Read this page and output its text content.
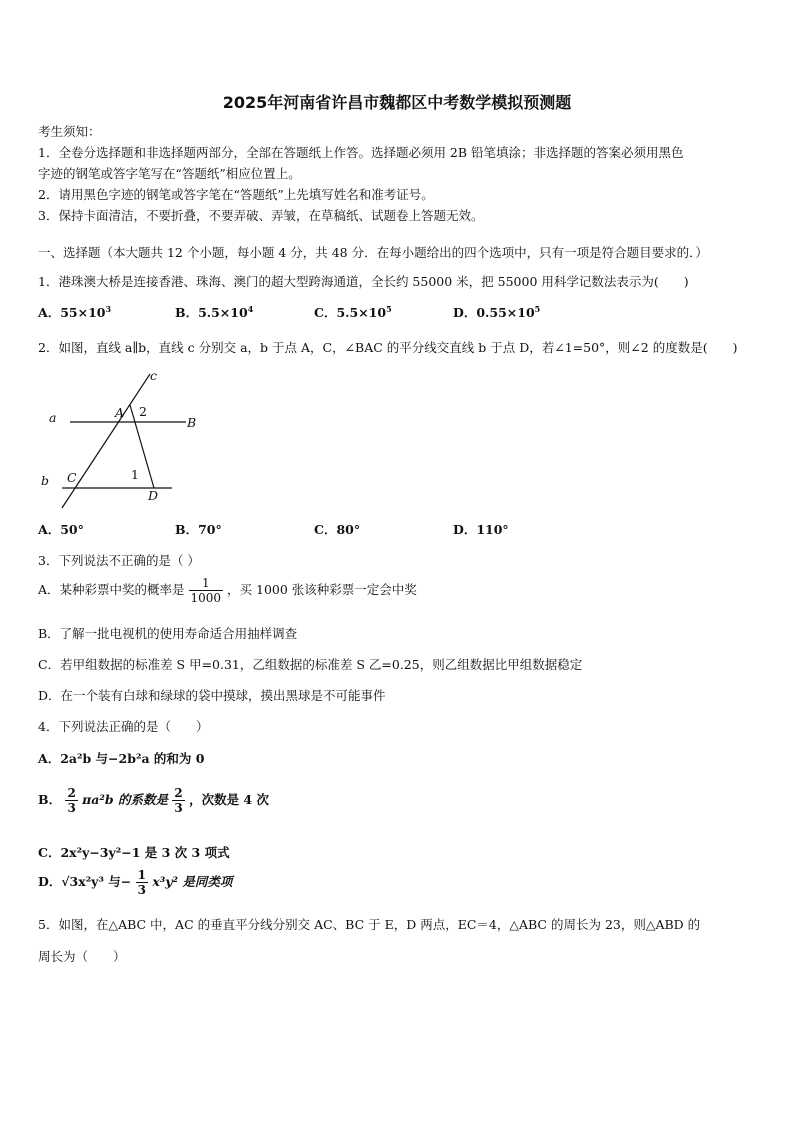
2025年河南省许昌市魏都区中考数学模拟预测题
考生须知：
1．全卷分选择题和非选择题两部分，全部在答题纸上作答。选择题必须用 2B 铅笔填涂；非选择题的答案必须用黑色
字迹的钢笔或答字笔写在“答题纸”相应位置上。
2．请用黑色字迹的钢笔或答字笔在“答题纸”上先填写姓名和准考证号。
3．保持卡面清洁，不要折叠，不要弄破、弄皱，在草稿纸、试题卷上答题无效。
一、选择题（本大题共 12 个小题，每小题 4 分，共 48 分．在每小题给出的四个选项中，只有一项是符合题目要求的．）
1．港珠澳大桥是连接香港、珠海、澳门的超大型跨海通道，全长约 55000 米，把 55000 用科学记数法表示为(　　)
A．$55\times 10^3$	B．$5.5\times 10^4$	C．$5.5\times 10^5$	D．$0.55\times 10^5$
2．如图，直线 a∥b，直线 c 分别交 a，b 于点 A，C，∠BAC 的平分线交直线 b 于点 D，若∠1=50°，则∠2 的度数是(　　)
c
a	A 2
B
b C	1
D
A．50°	B．70°	C．80°	D．110°
3．下列说法不正确的是（ ）
A．某种彩票中奖的概率是 $\frac{1}{1000}$ ，买 1000 张该种彩票一定会中奖
B．了解一批电视机的使用寿命适合用抽样调查
C．若甲组数据的标准差 S 甲=0.31，乙组数据的标准差 S 乙=0.25，则乙组数据比甲组数据稳定
D．在一个装有白球和绿球的袋中摸球，摸出黑球是不可能事件
4．下列说法正确的是（　　）
A．2a²b 与−2b²a 的和为 0
B． $\frac{2}{3} \pi a^2b$ 的系数是 $\frac{2}{3}$ ，次数是 4 次
C．2x²y−3y²−1 是 3 次 3 项式
D．√3x²y³ 与− $\frac{1}{3} x^3y^2$ 是同类项
5．如图，在△ABC 中，AC 的垂直平分线分别交 AC、BC 于 E，D 两点，EC＝4，△ABC 的周长为 23，则△ABD 的
周长为（　　）
